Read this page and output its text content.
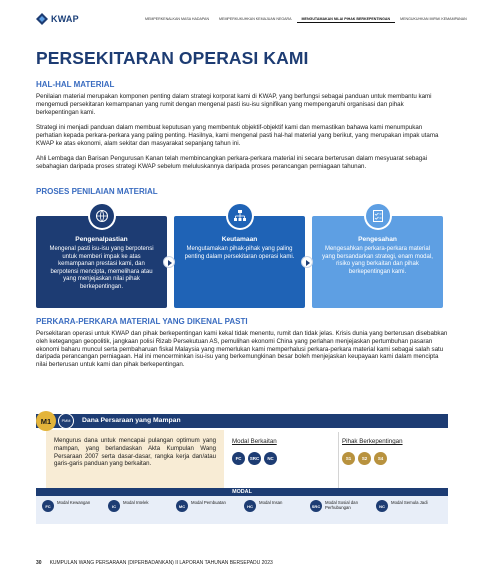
KWAP	MEMPERKENALKAN MASA HADAPAN	MEMPERKUKUHKAN KEMAJUAN NEGARA	MENGUTAMAKAN NILAI PIHAK BERKEPENTINGAN	MENGUKUHKAN IMPAK KEMAMPANAN
PERSEKITARAN OPERASI KAMI
HAL-HAL MATERIAL

Penilaian material merupakan komponen penting dalam strategi korporat kami di KWAP, yang berfungsi sebagai panduan untuk membantu kami mengemudi persekitaran kemampanan yang rumit dengan mengenal pasti isu-isu signifikan yang mempengaruhi organisasi dan pihak berkepentingan kami.

Strategi ini menjadi panduan dalam membuat keputusan yang membentuk objektif-objektif kami dan memastikan bahawa kami menumpukan perhatian kepada perkara-perkara yang paling penting. Hasilnya, kami mengenal pasti hal-hal material yang berikut, yang merupakan impak utama KWAP ke atas ekonomi, alam sekitar dan masyarakat sepanjang tahun ini.

Ahli Lembaga dan Barisan Pengurusan Kanan telah membincangkan perkara-perkara material ini secara berterusan dalam mesyuarat sebagai sebahagian daripada proses strategi KWAP sebelum meluluskannya daripada proses perancangan perniagaan tahunan.

PROSES PENILAIAN MATERIAL
Pengenalpastian
Mengenal pasti isu-isu yang berpotensi untuk memberi impak ke atas kemampanan prestasi kami, dan berpotensi mencipta, memelihara atau yang menjejaskan nilai pihak berkepentingan.
Keutamaan
Mengutamakan pihak-pihak yang paling penting dalam persekitaran operasi kami.
Pengesahan
Mengesahkan perkara-perkara material yang bersandarkan strategi, enam modal, risiko yang berkaitan dan pihak berkepentingan kami.
PERKARA-PERKARA MATERIAL YANG DIKENAL PASTI

Persekitaran operasi untuk KWAP dan pihak berkepentingan kami kekal tidak menentu, rumit dan tidak jelas. Krisis dunia yang berterusan disebabkan oleh ketegangan geopolitik, jangkaan polisi Rizab Persekutuan AS, pemulihan ekonomi China yang perlahan menjejaskan pertumbuhan pasaran ekonomi baharu muncul serta pembaharuan fiskal Malaysia yang memerlukan kami memperhalusi perkara-perkara material kami sebagai salah satu daripada perancangan perniagaan. Hal ini mencerminkan isu-isu yang berkemungkinan besar boleh menjejaskan keupayaan kami dalam mencipta nilai berterusan untuk kami dan pihak berkepentingan.

M1	PMM	Dana Persaraan yang Mampan
Mengurus dana untuk mencapai pulangan optimum yang mampan, yang berlandaskan Akta Kumpulan Wang Persaraan 2007 serta dasar-dasar, rangka kerja dan/atau garis-garis panduan yang berkaitan.
Modal Berkaitan
FC	SRC	NC
Pihak Berkepentingan
S1	S2	S4
MODAL
FC
Modal Kewangan
IC
Modal Intelek
MC
Modal Pembuatan
HC
Modal Insan
SRC
Modal Sosial dan Perhubungan	NC
Modal Semula Jadi
30 KUMPULAN WANG PERSARAAN (DIPERBADANKAN) II LAPORAN TAHUNAN BERSEPADU 2023
